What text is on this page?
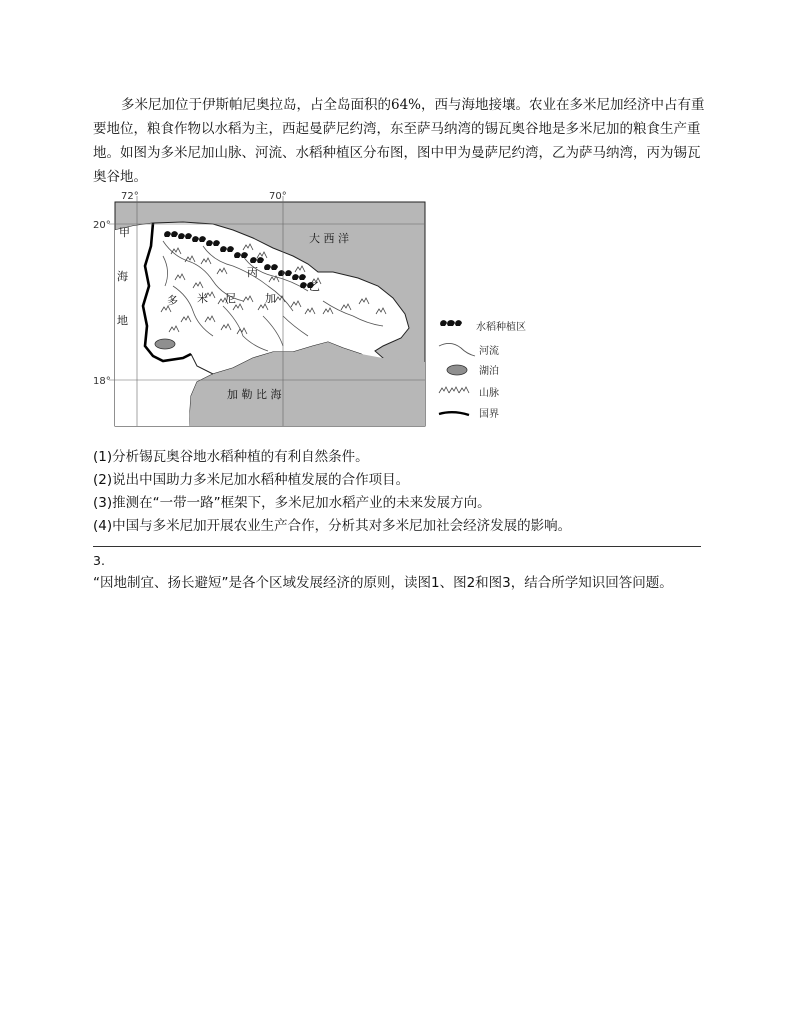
多米尼加位于伊斯帕尼奥拉岛，占全岛面积的64%，西与海地接壤。农业在多米尼加经济中占有重要地位，粮食作物以水稻为主，西起曼萨尼约湾，东至萨马纳湾的锡瓦奥谷地是多米尼加的粮食生产重地。如图为多米尼加山脉、河流、水稻种植区分布图，图中甲为曼萨尼约湾，乙为萨马纳湾，丙为锡瓦奥谷地。

72°	70°
20°
18°
甲
乙
丙
大 西 洋
加 勒 比 海
海
地
多 米 尼	加
水稻种植区
河流
湖泊
山脉
国界
(1)分析锡瓦奥谷地水稻种植的有利自然条件。
(2)说出中国助力多米尼加水稻种植发展的合作项目。
(3)推测在“一带一路”框架下，多米尼加水稻产业的未来发展方向。
(4)中国与多米尼加开展农业生产合作，分析其对多米尼加社会经济发展的影响。
3.

“因地制宜、扬长避短”是各个区域发展经济的原则，读图1、图2和图3，结合所学知识回答问题。
